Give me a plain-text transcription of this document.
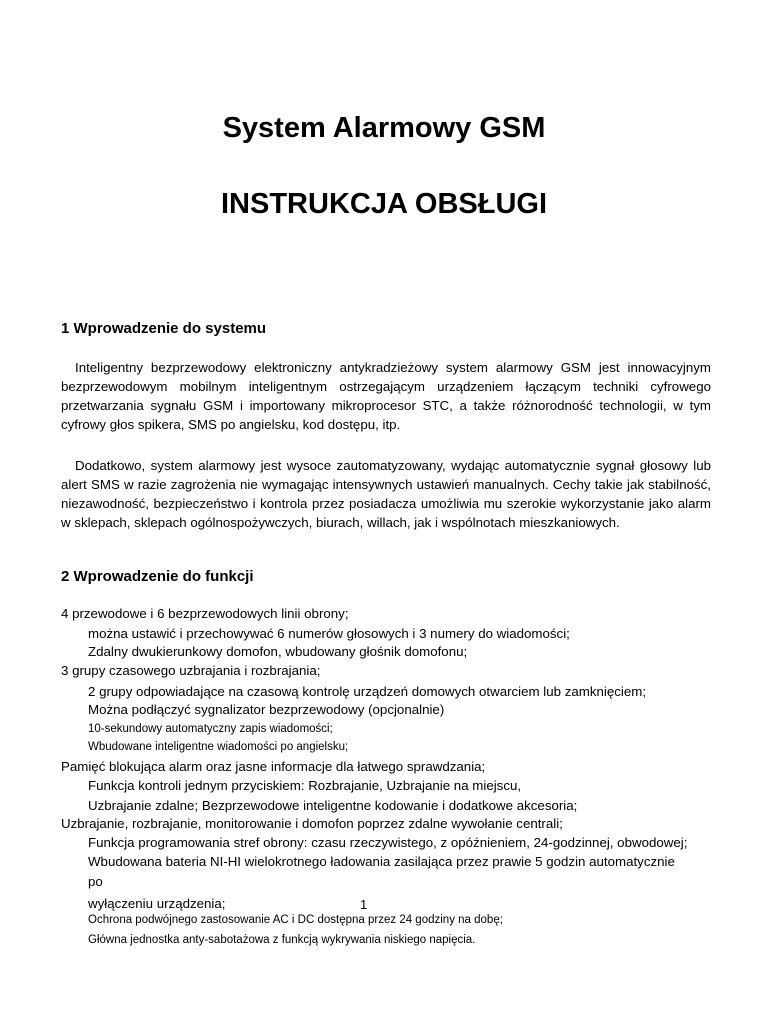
System Alarmowy GSM
INSTRUKCJA OBSŁUGI
1 Wprowadzenie do systemu

Inteligentny bezprzewodowy elektroniczny antykradzieżowy system alarmowy GSM jest innowacyjnym bezprzewodowym mobilnym inteligentnym ostrzegającym urządzeniem łączącym techniki cyfrowego przetwarzania sygnału GSM i importowany mikroprocesor STC, a także różnorodność technologii, w tym cyfrowy głos spikera, SMS po angielsku, kod dostępu, itp.

Dodatkowo, system alarmowy jest wysoce zautomatyzowany, wydając automatycznie sygnał głosowy lub alert SMS w razie zagrożenia nie wymagając intensywnych ustawień manualnych. Cechy takie jak stabilność, niezawodność, bezpieczeństwo i kontrola przez posiadacza umożliwia mu szerokie wykorzystanie jako alarm w sklepach, sklepach ogólnospożywczych, biurach, willach, jak i wspólnotach mieszkaniowych.

2 Wprowadzenie do funkcji

4 przewodowe i 6 bezprzewodowych linii obrony;

można ustawić i przechowywać 6 numerów głosowych i 3 numery do wiadomości;

Zdalny dwukierunkowy domofon, wbudowany głośnik domofonu;

3 grupy czasowego uzbrajania i rozbrajania;

2 grupy odpowiadające na czasową kontrolę urządzeń domowych otwarciem lub zamknięciem;

Można podłączyć sygnalizator bezprzewodowy (opcjonalnie)

10-sekundowy automatyczny zapis wiadomości;

Wbudowane inteligentne wiadomości po angielsku;

Pamięć blokująca alarm oraz jasne informacje dla łatwego sprawdzania;

Funkcja kontroli jednym przyciskiem: Rozbrajanie, Uzbrajanie na miejscu,

Uzbrajanie zdalne; Bezprzewodowe inteligentne kodowanie i dodatkowe akcesoria;

Uzbrajanie, rozbrajanie, monitorowanie i domofon poprzez zdalne wywołanie centrali;

Funkcja programowania stref obrony: czasu rzeczywistego, z opóźnieniem, 24-godzinnej, obwodowej;

Wbudowana bateria NI-HI wielokrotnego ładowania zasilająca przez prawie 5 godzin automatycznie

po

wyłączeniu urządzenia;

Ochrona podwójnego zastosowanie AC i DC dostępna przez 24 godziny na dobę;

Główna jednostka anty-sabotażowa z funkcją wykrywania niskiego napięcia.

1
